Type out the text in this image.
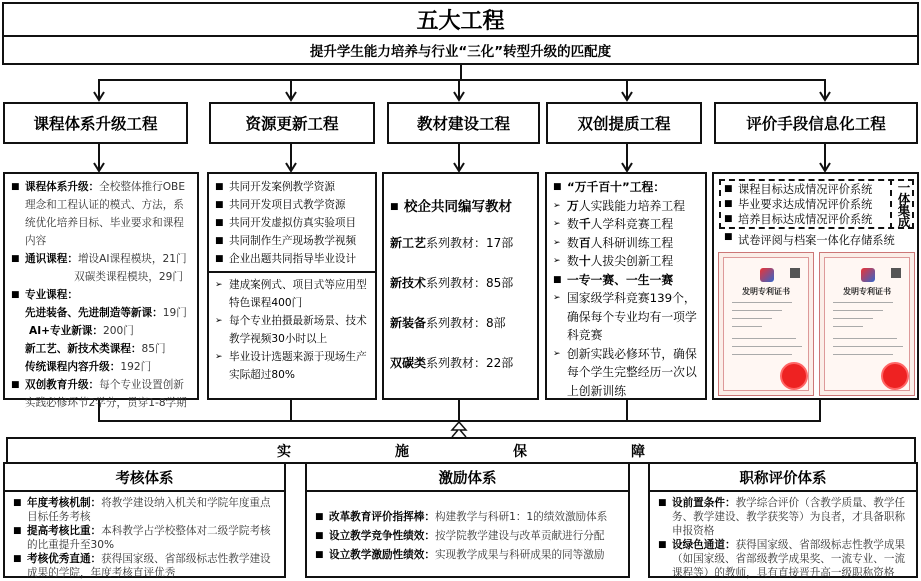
五大工程
提升学生能力培养与行业“三化”转型升级的匹配度
课程体系升级工程	资源更新工程	教材建设工程	双创提质工程	评价手段信息化工程
■ 课程体系升级：全校整体推行OBE理念和工程认证的模式、方法，系统优化培养目标、毕业要求和课程内容
■ 通识课程：增设AI课程模块，21门
双碳类课程模块，29门
■ 专业课程：
先进装备、先进制造等新课：19门
AI+专业新课：200门
新工艺、新技术类课程：85门
传统课程内容升级：192门
■ 双创教育升级：每个专业设置创新实践必修环节2学分，贯穿1-8学期
■ 共同开发案例教学资源
■ 共同开发项目式教学资源
■ 共同开发虚拟仿真实验项目
■ 共同制作生产现场教学视频
■ 企业出题共同指导毕业设计
➢ 建成案例式、项目式等应用型特色课程400门
➢ 每个专业拍摄最新场景、技术教学视频30小时以上
➢ 毕业设计选题来源于现场生产实际超过80%
■ 校企共同编写教材
新工艺系列教材：17部
新技术系列教材：85部
新装备系列教材：8部
双碳类系列教材：22部
■ “万千百十”工程：
➢ 万人实践能力培养工程
➢ 数千人学科竞赛工程
➢ 数百人科研训练工程
➢ 数十人拔尖创新工程
■ 一专一赛、一生一赛
➢ 国家级学科竞赛139个，确保每个专业均有一项学科竞赛
➢ 创新实践必修环节，确保每个学生完整经历一次以上创新训练
■ 课程目标达成情况评价系统
■ 毕业要求达成情况评价系统
■ 培养目标达成情况评价系统	一体集成
■ 试卷评阅与档案一体化存储系统
发明专利证书	发明专利证书
实	施	保	障
考核体系
■ 年度考核机制：将教学建设纳入机关和学院年度重点目标任务考核
■ 提高考核比重：本科教学占学校整体对二级学院考核的比重提升至30%
■ 考核优秀直通：获得国家级、省部级标志性教学建设成果的学院，年度考核直评优秀
激励体系
■ 改革教育评价指挥棒：构建教学与科研1：1的绩效激励体系
■ 设立教学竞争性绩效：按学院教学建设与改革贡献进行分配
■ 设立教学激励性绩效：实现教学成果与科研成果的同等激励
职称评价体系
■ 设前置条件：教学综合评价（含教学质量、教学任务、教学建设、教学获奖等）为良者，才具备职称申报资格
■ 设绿色通道：获得国家级、省部级标志性教学成果（如国家级、省部级教学成果奖、一流专业、一流课程等）的教师，具有直接晋升高一级职称资格
